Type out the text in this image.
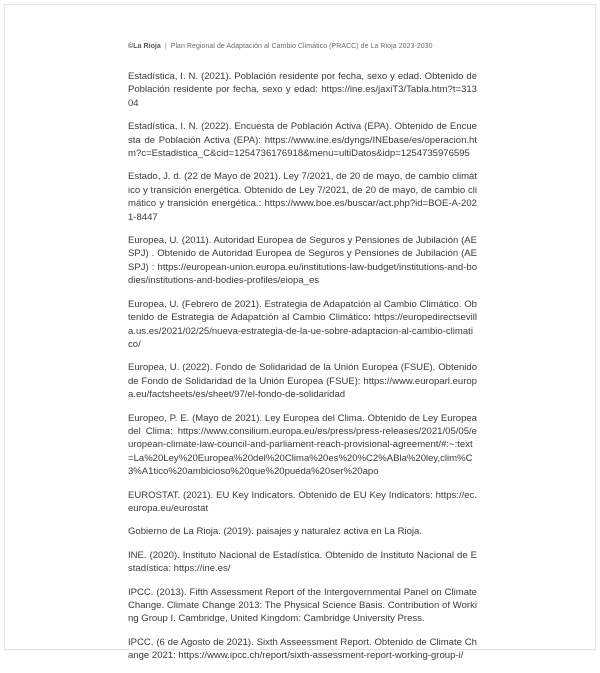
©La Rioja | Plan Regional de Adaptación al Cambio Climático (PRACC) de La Rioja 2023-2030

Estadística, I. N. (2021). Población residente por fecha, sexo y edad. Obtenido de Población residente por fecha, sexo y edad: https://ine.es/jaxiT3/Tabla.htm?t=31304

Estadística, I. N. (2022). Encuesta de Población Activa (EPA). Obtenido de Encuesta de Población Activa (EPA): https://www.ine.es/dyngs/INEbase/es/operacion.htm?c=Estadistica_C&cid=1254736176918&menu=ultiDatos&idp=1254735976595

Estado, J. d. (22 de Mayo de 2021). Ley 7/2021, de 20 de mayo, de cambio climático y transición energética. Obtenido de Ley 7/2021, de 20 de mayo, de cambio climático y transición energética.: https://www.boe.es/buscar/act.php?id=BOE-A-2021-8447

Europea, U. (2011). Autoridad Europea de Seguros y Pensiones de Jubilación (AESPJ) . Obtenido de Autoridad Europea de Seguros y Pensiones de Jubilación (AESPJ) : https://european-union.europa.eu/institutions-law-budget/institutions-and-bodies/institutions-and-bodies-profiles/eiopa_es

Europea, U. (Febrero de 2021). Estrategia de Adapatción al Cambio Climático. Obtenido de Estrategia de Adapatción al Cambio Climático: https://europedirectsevilla.us.es/2021/02/25/nueva-estrategia-de-la-ue-sobre-adaptacion-al-cambio-climatico/

Europea, U. (2022). Fondo de Solidaridad de la Unión Europea (FSUE). Obtenido de Fondo de Solidaridad de la Unión Europea (FSUE): https://www.europarl.europa.eu/factsheets/es/sheet/97/el-fondo-de-solidaridad

Europeo, P. E. (Mayo de 2021). Ley Europea del Clima. Obtenido de Ley Europea del Clima: https://www.consilium.europa.eu/es/press/press-releases/2021/05/05/european-climate-law-council-and-parliament-reach-provisional-agreement/#:~:text=La%20Ley%20Europea%20del%20Clima%20es%20%C2%ABla%20ley,clim%C3%A1tico%20ambicioso%20que%20pueda%20ser%20apo

EUROSTAT. (2021). EU Key Indicators. Obtenido de EU Key Indicators: https://ec.europa.eu/eurostat

Gobierno de La Rioja. (2019). paisajes y naturalez activa en La Rioja.

INE. (2020). Instituto Nacional de Estadística. Obtenido de Instituto Nacional de Estadística: https://ine.es/

IPCC. (2013). Fifth Assessment Report of the Intergovernmental Panel on Climate Change. Climate Change 2013: The Physical Science Basis. Contribution of Working Group I. Cambridge, United Kingdom: Cambridge University Press.

IPCC. (6 de Agosto de 2021). Sixth Asseessment Report. Obtenido de Climate Change 2021: https://www.ipcc.ch/report/sixth-assessment-report-working-group-i/
